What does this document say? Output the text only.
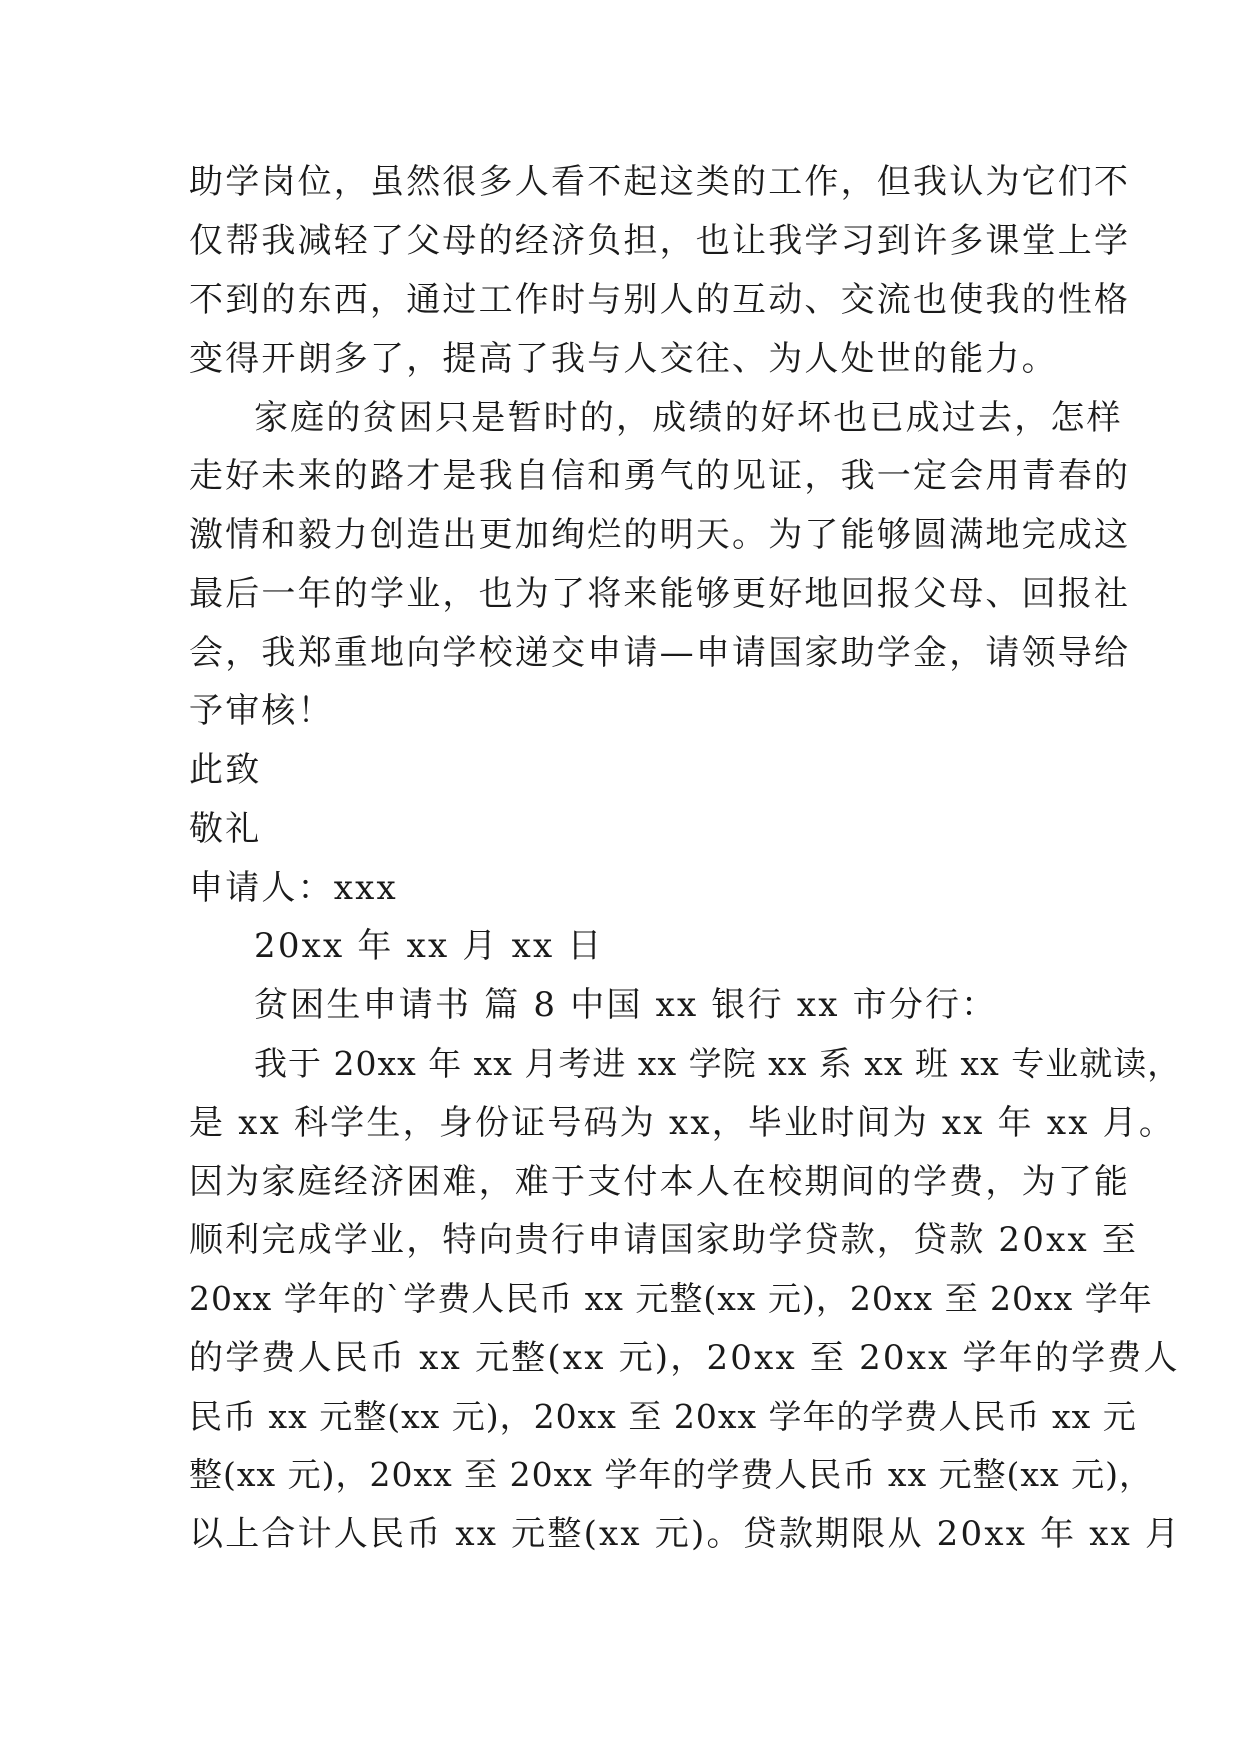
助学岗位，虽然很多人看不起这类的工作，但我认为它们不
仅帮我减轻了父母的经济负担，也让我学习到许多课堂上学
不到的东西，通过工作时与别人的互动、交流也使我的性格
变得开朗多了，提高了我与人交往、为人处世的能力。
家庭的贫困只是暂时的，成绩的好坏也已成过去，怎样
走好未来的路才是我自信和勇气的见证，我一定会用青春的
激情和毅力创造出更加绚烂的明天。为了能够圆满地完成这
最后一年的学业，也为了将来能够更好地回报父母、回报社
会，我郑重地向学校递交申请—申请国家助学金，请领导给
予审核！
此致
敬礼
申请人：xxx
20xx 年 xx 月 xx 日
贫困生申请书 篇 8 中国 xx 银行 xx 市分行：
我于 20xx 年 xx 月考进 xx 学院 xx 系 xx 班 xx 专业就读，
是 xx 科学生，身份证号码为 xx，毕业时间为 xx 年 xx 月。
因为家庭经济困难，难于支付本人在校期间的学费，为了能
顺利完成学业，特向贵行申请国家助学贷款，贷款 20xx 至
20xx 学年的`学费人民币 xx 元整(xx 元)，20xx 至 20xx 学年
的学费人民币 xx 元整(xx 元)，20xx 至 20xx 学年的学费人
民币 xx 元整(xx 元)，20xx 至 20xx 学年的学费人民币 xx 元
整(xx 元)，20xx 至 20xx 学年的学费人民币 xx 元整(xx 元)，
以上合计人民币 xx 元整(xx 元)。贷款期限从 20xx 年 xx 月
